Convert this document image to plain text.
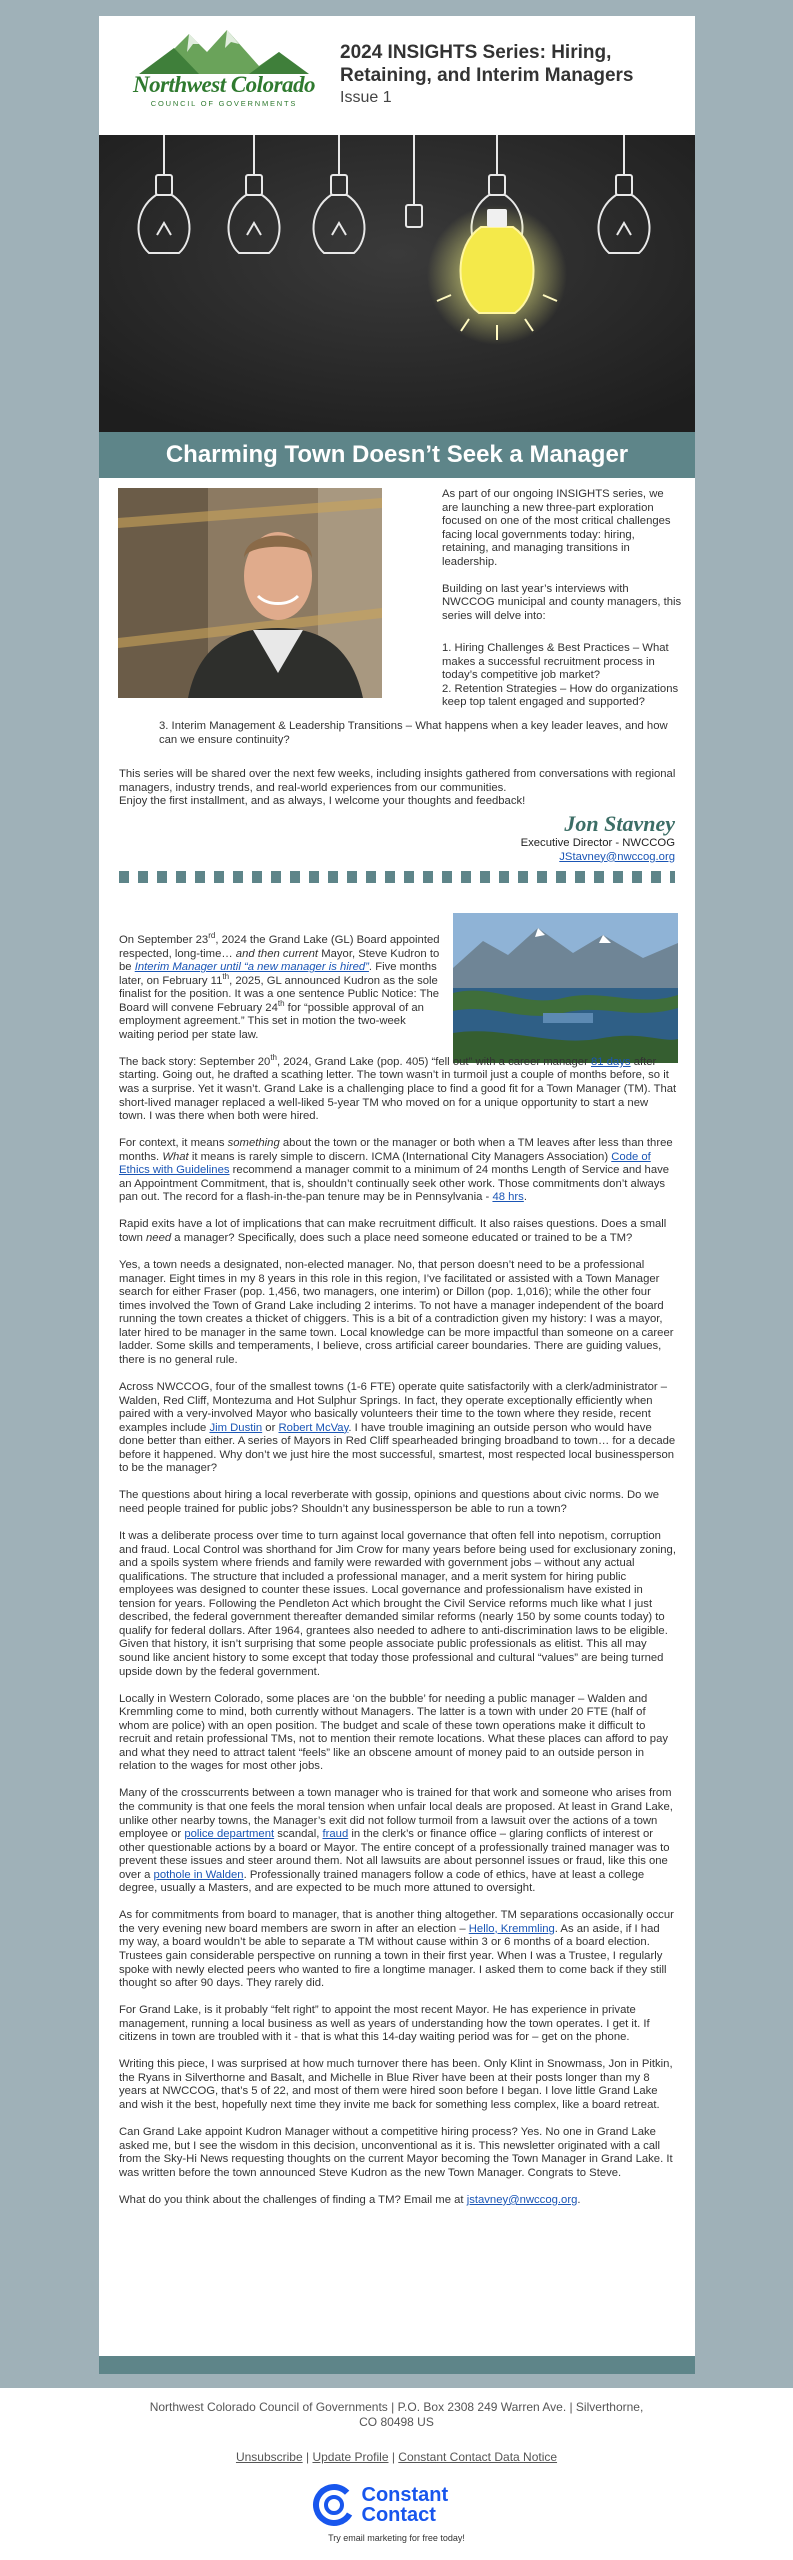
Northwest Colorado
COUNCIL OF GOVERNMENTS
2024 INSIGHTS Series: Hiring, Retaining, and Interim Managers
Issue 1
Charming Town Doesn’t Seek a Manager

As part of our ongoing INSIGHTS series, we are launching a new three-part exploration focused on one of the most critical challenges facing local governments today: hiring, retaining, and managing transitions in leadership.

Building on last year’s interviews with NWCCOG municipal and county managers, this series will delve into:

1. Hiring Challenges & Best Practices – What makes a successful recruitment process in today’s competitive job market?
2. Retention Strategies – How do organizations keep top talent engaged and supported?
3. Interim Management & Leadership Transitions – What happens when a key leader leaves, and how can we ensure continuity?

This series will be shared over the next few weeks, including insights gathered from conversations with regional managers, industry trends, and real-world experiences from our communities.

Enjoy the first installment, and as always, I welcome your thoughts and feedback!

Jon Stavney
Executive Director - NWCCOG
JStavney@nwccog.org

On September 23rd, 2024 the Grand Lake (GL) Board appointed respected, long-time… and then current Mayor, Steve Kudron to be Interim Manager until “a new manager is hired”. Five months later, on February 11th, 2025, GL announced Kudron as the sole finalist for the position. It was a one sentence Public Notice: The Board will convene February 24th for “possible approval of an employment agreement.” This set in motion the two-week waiting period per state law.

The back story: September 20th, 2024, Grand Lake (pop. 405) “fell out” with a career manager 81 days after starting. Going out, he drafted a scathing letter. The town wasn’t in turmoil just a couple of months before, so it was a surprise. Yet it wasn’t. Grand Lake is a challenging place to find a good fit for a Town Manager (TM). That short-lived manager replaced a well-liked 5-year TM who moved on for a unique opportunity to start a new town. I was there when both were hired.

For context, it means something about the town or the manager or both when a TM leaves after less than three months. What it means is rarely simple to discern. ICMA (International City Managers Association) Code of Ethics with Guidelines recommend a manager commit to a minimum of 24 months Length of Service and have an Appointment Commitment, that is, shouldn’t continually seek other work. Those commitments don’t always pan out. The record for a flash-in-the-pan tenure may be in Pennsylvania - 48 hrs.

Rapid exits have a lot of implications that can make recruitment difficult. It also raises questions. Does a small town need a manager? Specifically, does such a place need someone educated or trained to be a TM?

Yes, a town needs a designated, non-elected manager. No, that person doesn’t need to be a professional manager. Eight times in my 8 years in this role in this region, I’ve facilitated or assisted with a Town Manager search for either Fraser (pop. 1,456, two managers, one interim) or Dillon (pop. 1,016); while the other four times involved the Town of Grand Lake including 2 interims. To not have a manager independent of the board running the town creates a thicket of chiggers. This is a bit of a contradiction given my history: I was a mayor, later hired to be manager in the same town. Local knowledge can be more impactful than someone on a career ladder. Some skills and temperaments, I believe, cross artificial career boundaries. There are guiding values, there is no general rule.

Across NWCCOG, four of the smallest towns (1-6 FTE) operate quite satisfactorily with a clerk/administrator – Walden, Red Cliff, Montezuma and Hot Sulphur Springs. In fact, they operate exceptionally efficiently when paired with a very-involved Mayor who basically volunteers their time to the town where they reside, recent examples include Jim Dustin or Robert McVay. I have trouble imagining an outside person who would have done better than either. A series of Mayors in Red Cliff spearheaded bringing broadband to town… for a decade before it happened. Why don’t we just hire the most successful, smartest, most respected local businessperson to be the manager?

The questions about hiring a local reverberate with gossip, opinions and questions about civic norms. Do we need people trained for public jobs? Shouldn’t any businessperson be able to run a town?

It was a deliberate process over time to turn against local governance that often fell into nepotism, corruption and fraud. Local Control was shorthand for Jim Crow for many years before being used for exclusionary zoning, and a spoils system where friends and family were rewarded with government jobs – without any actual qualifications. The structure that included a professional manager, and a merit system for hiring public employees was designed to counter these issues. Local governance and professionalism have existed in tension for years. Following the Pendleton Act which brought the Civil Service reforms much like what I just described, the federal government thereafter demanded similar reforms (nearly 150 by some counts today) to qualify for federal dollars. After 1964, grantees also needed to adhere to anti-discrimination laws to be eligible. Given that history, it isn’t surprising that some people associate public professionals as elitist. This all may sound like ancient history to some except that today those professional and cultural “values” are being turned upside down by the federal government.

Locally in Western Colorado, some places are ‘on the bubble’ for needing a public manager – Walden and Kremmling come to mind, both currently without Managers. The latter is a town with under 20 FTE (half of whom are police) with an open position. The budget and scale of these town operations make it difficult to recruit and retain professional TMs, not to mention their remote locations. What these places can afford to pay and what they need to attract talent “feels” like an obscene amount of money paid to an outside person in relation to the wages for most other jobs.

Many of the crosscurrents between a town manager who is trained for that work and someone who arises from the community is that one feels the moral tension when unfair local deals are proposed. At least in Grand Lake, unlike other nearby towns, the Manager’s exit did not follow turmoil from a lawsuit over the actions of a town employee or police department scandal, fraud in the clerk’s or finance office – glaring conflicts of interest or other questionable actions by a board or Mayor. The entire concept of a professionally trained manager was to prevent these issues and steer around them. Not all lawsuits are about personnel issues or fraud, like this one over a pothole in Walden. Professionally trained managers follow a code of ethics, have at least a college degree, usually a Masters, and are expected to be much more attuned to oversight.

As for commitments from board to manager, that is another thing altogether. TM separations occasionally occur the very evening new board members are sworn in after an election – Hello, Kremmling. As an aside, if I had my way, a board wouldn’t be able to separate a TM without cause within 3 or 6 months of a board election. Trustees gain considerable perspective on running a town in their first year. When I was a Trustee, I regularly spoke with newly elected peers who wanted to fire a longtime manager. I asked them to come back if they still thought so after 90 days. They rarely did.

For Grand Lake, is it probably “felt right” to appoint the most recent Mayor. He has experience in private management, running a local business as well as years of understanding how the town operates. I get it. If citizens in town are troubled with it - that is what this 14-day waiting period was for – get on the phone.

Writing this piece, I was surprised at how much turnover there has been. Only Klint in Snowmass, Jon in Pitkin, the Ryans in Silverthorne and Basalt, and Michelle in Blue River have been at their posts longer than my 8 years at NWCCOG, that’s 5 of 22, and most of them were hired soon before I began. I love little Grand Lake and wish it the best, hopefully next time they invite me back for something less complex, like a board retreat.

Can Grand Lake appoint Kudron Manager without a competitive hiring process? Yes. No one in Grand Lake asked me, but I see the wisdom in this decision, unconventional as it is. This newsletter originated with a call from the Sky-Hi News requesting thoughts on the current Mayor becoming the Town Manager in Grand Lake. It was written before the town announced Steve Kudron as the new Town Manager. Congrats to Steve.

What do you think about the challenges of finding a TM? Email me at jstavney@nwccog.org.

Northwest Colorado Council of Governments | P.O. Box 2308 249 Warren Ave. | Silverthorne, CO 80498 US
Unsubscribe | Update Profile | Constant Contact Data Notice
Constant
Contact
Try email marketing for free today!
